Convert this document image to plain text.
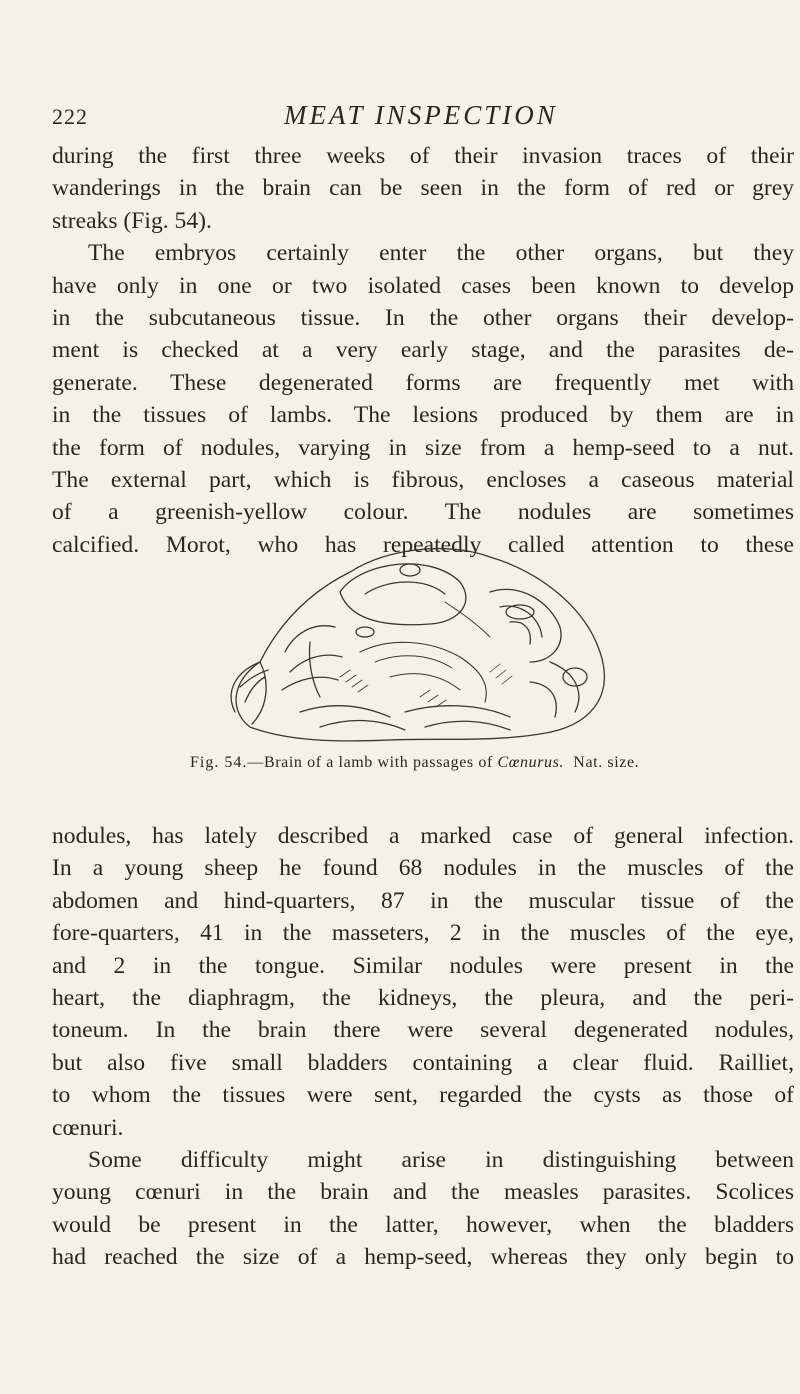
222	MEAT INSPECTION
during the first three weeks of their invasion traces of their
wanderings in the brain can be seen in the form of red or grey
streaks (Fig. 54).
The embryos certainly enter the other organs, but they
have only in one or two isolated cases been known to develop
in the subcutaneous tissue. In the other organs their develop-
ment is checked at a very early stage, and the parasites de-
generate. These degenerated forms are frequently met with
in the tissues of lambs. The lesions produced by them are in
the form of nodules, varying in size from a hemp-seed to a nut.
The external part, which is fibrous, encloses a caseous material
of a greenish-yellow colour. The nodules are sometimes
calcified. Morot, who has repeatedly called attention to these
Fig. 54.—Brain of a lamb with passages of Cœnurus. Nat. size.
nodules, has lately described a marked case of general infection.
In a young sheep he found 68 nodules in the muscles of the
abdomen and hind-quarters, 87 in the muscular tissue of the
fore-quarters, 41 in the masseters, 2 in the muscles of the eye,
and 2 in the tongue. Similar nodules were present in the
heart, the diaphragm, the kidneys, the pleura, and the peri-
toneum. In the brain there were several degenerated nodules,
but also five small bladders containing a clear fluid. Railliet,
to whom the tissues were sent, regarded the cysts as those of
cœnuri.
Some difficulty might arise in distinguishing between
young cœnuri in the brain and the measles parasites. Scolices
would be present in the latter, however, when the bladders
had reached the size of a hemp-seed, whereas they only begin to
